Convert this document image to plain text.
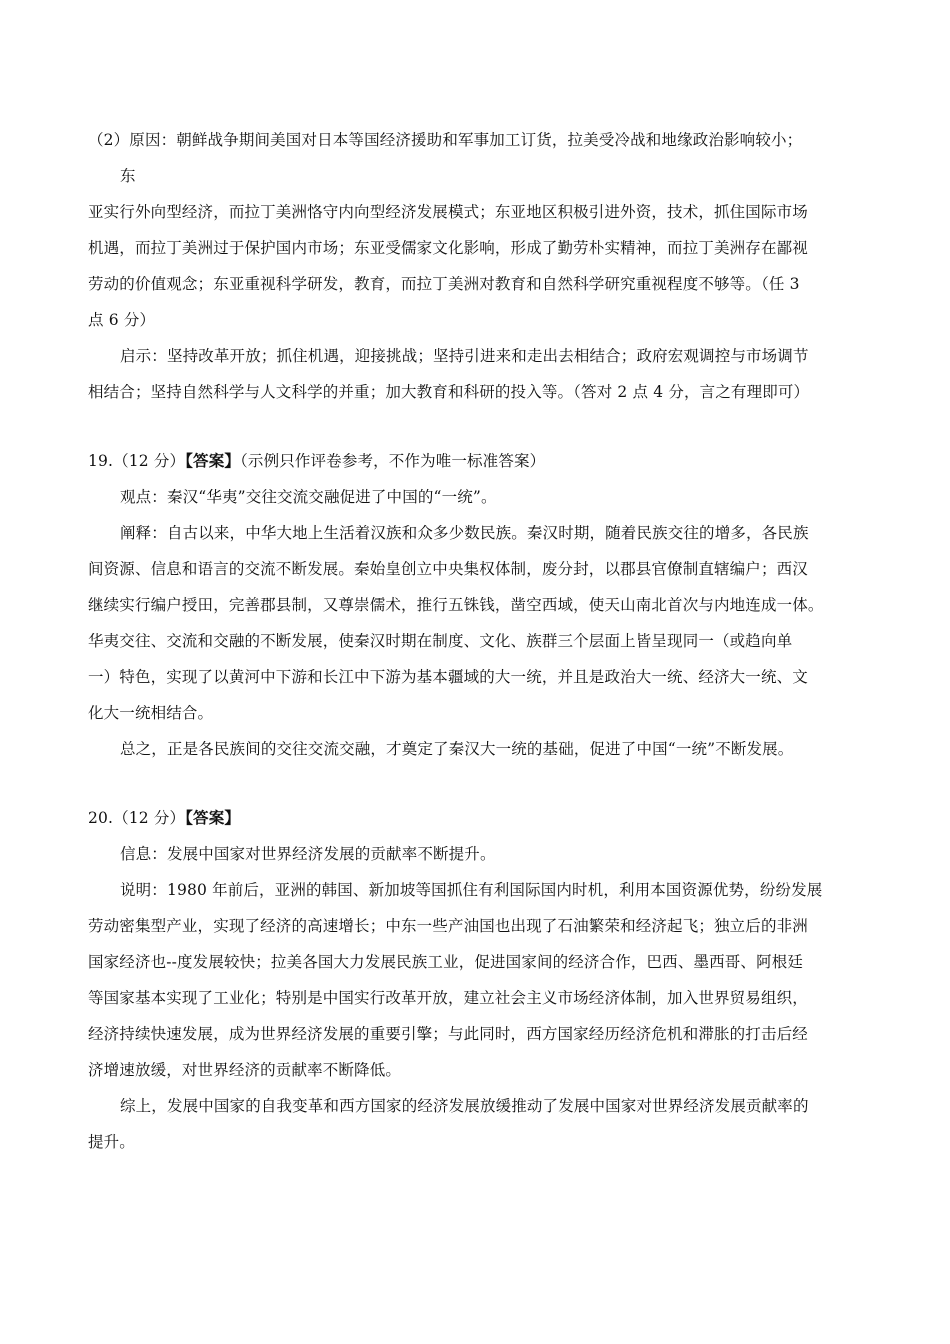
（2）原因：朝鲜战争期间美国对日本等国经济援助和军事加工订货，拉美受冷战和地缘政治影响较小；
东
亚实行外向型经济，而拉丁美洲恪守内向型经济发展模式；东亚地区积极引进外资，技术，抓住国际市场
机遇，而拉丁美洲过于保护国内市场；东亚受儒家文化影响，形成了勤劳朴实精神，而拉丁美洲存在鄙视
劳动的价值观念；东亚重视科学研发，教育，而拉丁美洲对教育和自然科学研究重视程度不够等。（任 3
点 6 分）
启示：坚持改革开放；抓住机遇，迎接挑战；坚持引进来和走出去相结合；政府宏观调控与市场调节
相结合；坚持自然科学与人文科学的并重；加大教育和科研的投入等。（答对 2 点 4 分，言之有理即可）
19.（12 分）【答案】（示例只作评卷参考，不作为唯一标准答案）
观点：秦汉“华夷”交往交流交融促进了中国的“一统”。
阐释：自古以来，中华大地上生活着汉族和众多少数民族。秦汉时期，随着民族交往的增多，各民族
间资源、信息和语言的交流不断发展。秦始皇创立中央集权体制，废分封，以郡县官僚制直辖编户；西汉
继续实行编户授田，完善郡县制，又尊崇儒术，推行五铢钱，凿空西域，使天山南北首次与内地连成一体。
华夷交往、交流和交融的不断发展，使秦汉时期在制度、文化、族群三个层面上皆呈现同一（或趋向单
一）特色，实现了以黄河中下游和长江中下游为基本疆域的大一统，并且是政治大一统、经济大一统、文
化大一统相结合。
总之，正是各民族间的交往交流交融，才奠定了秦汉大一统的基础，促进了中国“一统”不断发展。
20.（12 分）【答案】
信息：发展中国家对世界经济发展的贡献率不断提升。
说明：1980 年前后，亚洲的韩国、新加坡等国抓住有利国际国内时机，利用本国资源优势，纷纷发展
劳动密集型产业，实现了经济的高速增长；中东一些产油国也出现了石油繁荣和经济起飞；独立后的非洲
国家经济也--度发展较快；拉美各国大力发展民族工业，促进国家间的经济合作，巴西、墨西哥、阿根廷
等国家基本实现了工业化；特别是中国实行改革开放，建立社会主义市场经济体制，加入世界贸易组织，
经济持续快速发展，成为世界经济发展的重要引擎；与此同时，西方国家经历经济危机和滞胀的打击后经
济增速放缓，对世界经济的贡献率不断降低。
综上，发展中国家的自我变革和西方国家的经济发展放缓推动了发展中国家对世界经济发展贡献率的
提升。
